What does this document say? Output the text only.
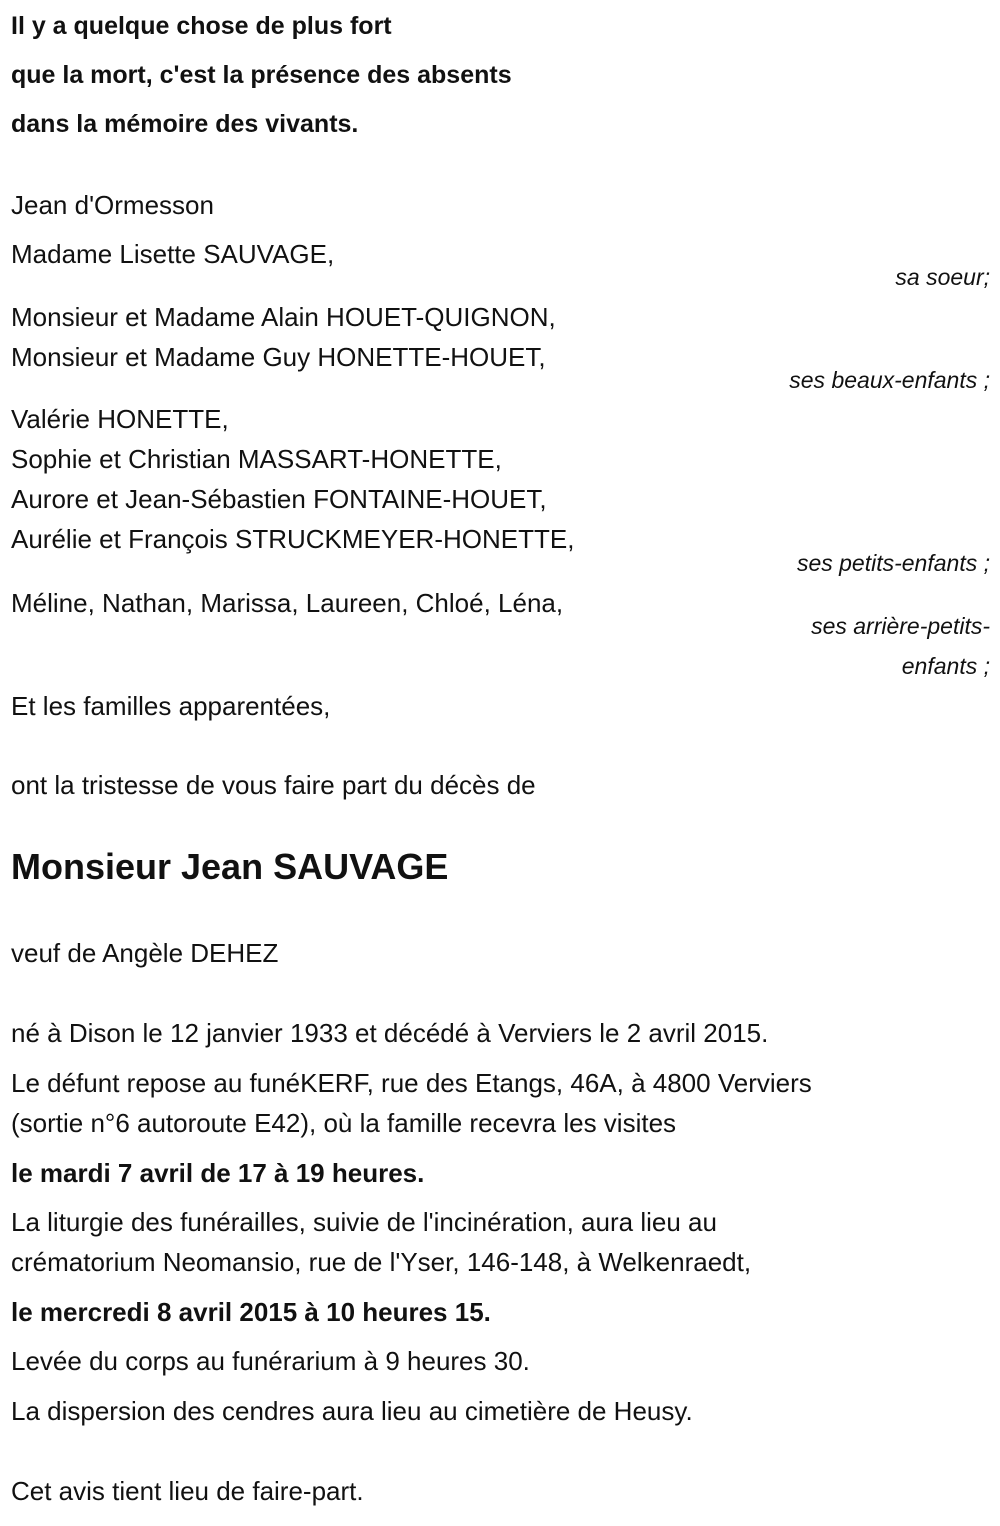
Il y a quelque chose de plus fort
que la mort, c'est la présence des absents
dans la mémoire des vivants.
Jean d'Ormesson
Madame Lisette SAUVAGE,
sa soeur;
Monsieur et Madame Alain HOUET-QUIGNON,
Monsieur et Madame Guy HONETTE-HOUET,
ses beaux-enfants ;
Valérie HONETTE,
Sophie et Christian MASSART-HONETTE,
Aurore et Jean-Sébastien FONTAINE-HOUET,
Aurélie et François STRUCKMEYER-HONETTE,
ses petits-enfants ;
Méline, Nathan, Marissa, Laureen, Chloé, Léna,
ses arrière-petits-
enfants ;
Et les familles apparentées,
ont la tristesse de vous faire part du décès de
Monsieur Jean SAUVAGE
veuf de Angèle DEHEZ
né à Dison le 12 janvier 1933 et décédé à Verviers le 2 avril 2015.
Le défunt repose au funéKERF, rue des Etangs, 46A, à 4800 Verviers
(sortie n°6 autoroute E42), où la famille recevra les visites
le mardi 7 avril de 17 à 19 heures.
La liturgie des funérailles, suivie de l'incinération, aura lieu au
crématorium Neomansio, rue de l'Yser, 146-148, à Welkenraedt,
le mercredi 8 avril 2015 à 10 heures 15.
Levée du corps au funérarium à 9 heures 30.
La dispersion des cendres aura lieu au cimetière de Heusy.
Cet avis tient lieu de faire-part.
